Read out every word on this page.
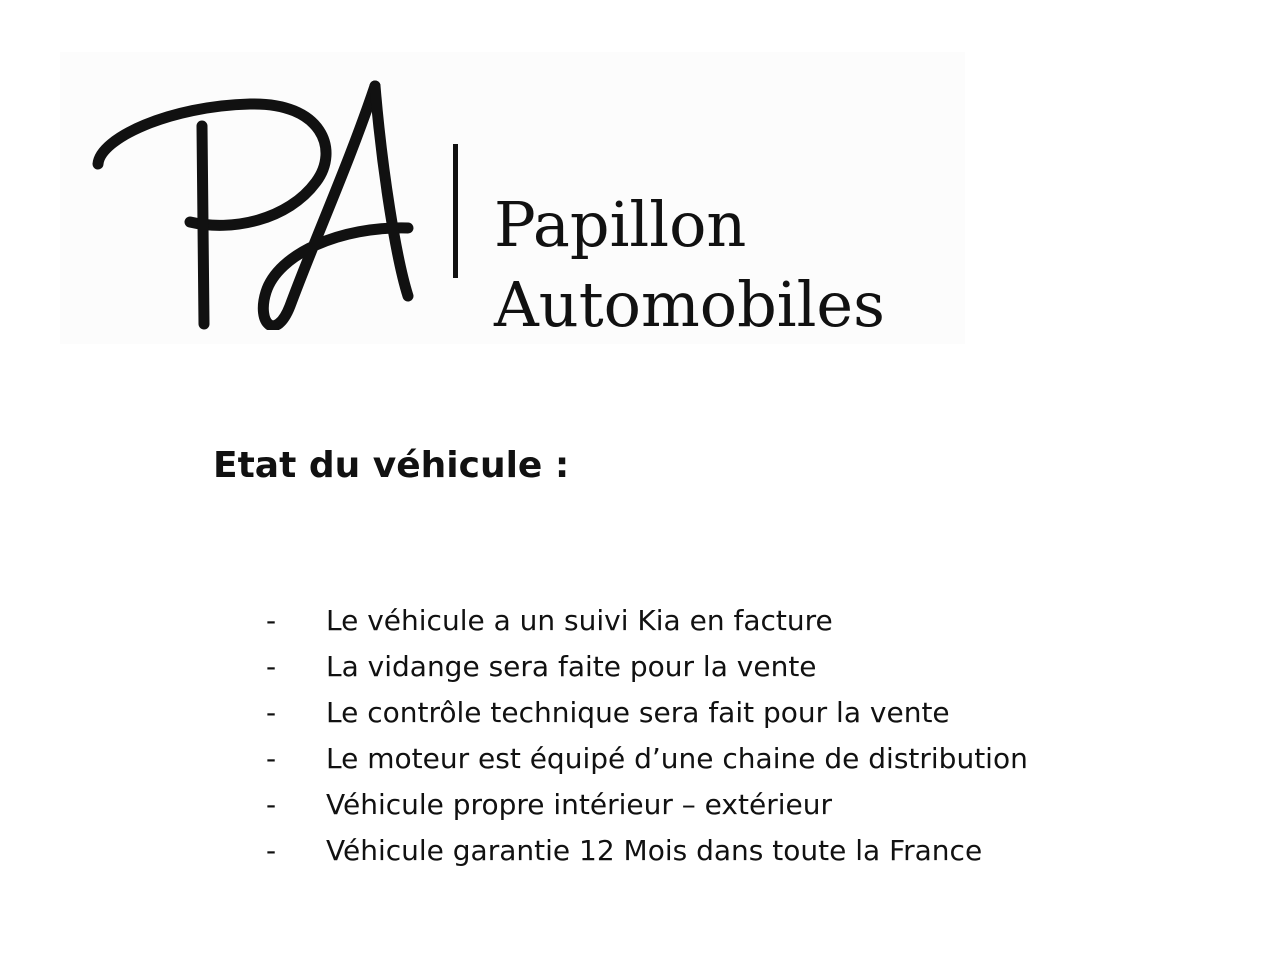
Papillon
Automobiles
Etat du véhicule :
- Le véhicule a un suivi Kia en facture
- La vidange sera faite pour la vente
- Le contrôle technique sera fait pour la vente
- Le moteur est équipé d’une chaine de distribution
- Véhicule propre intérieur – extérieur
- Véhicule garantie 12 Mois dans toute la France
